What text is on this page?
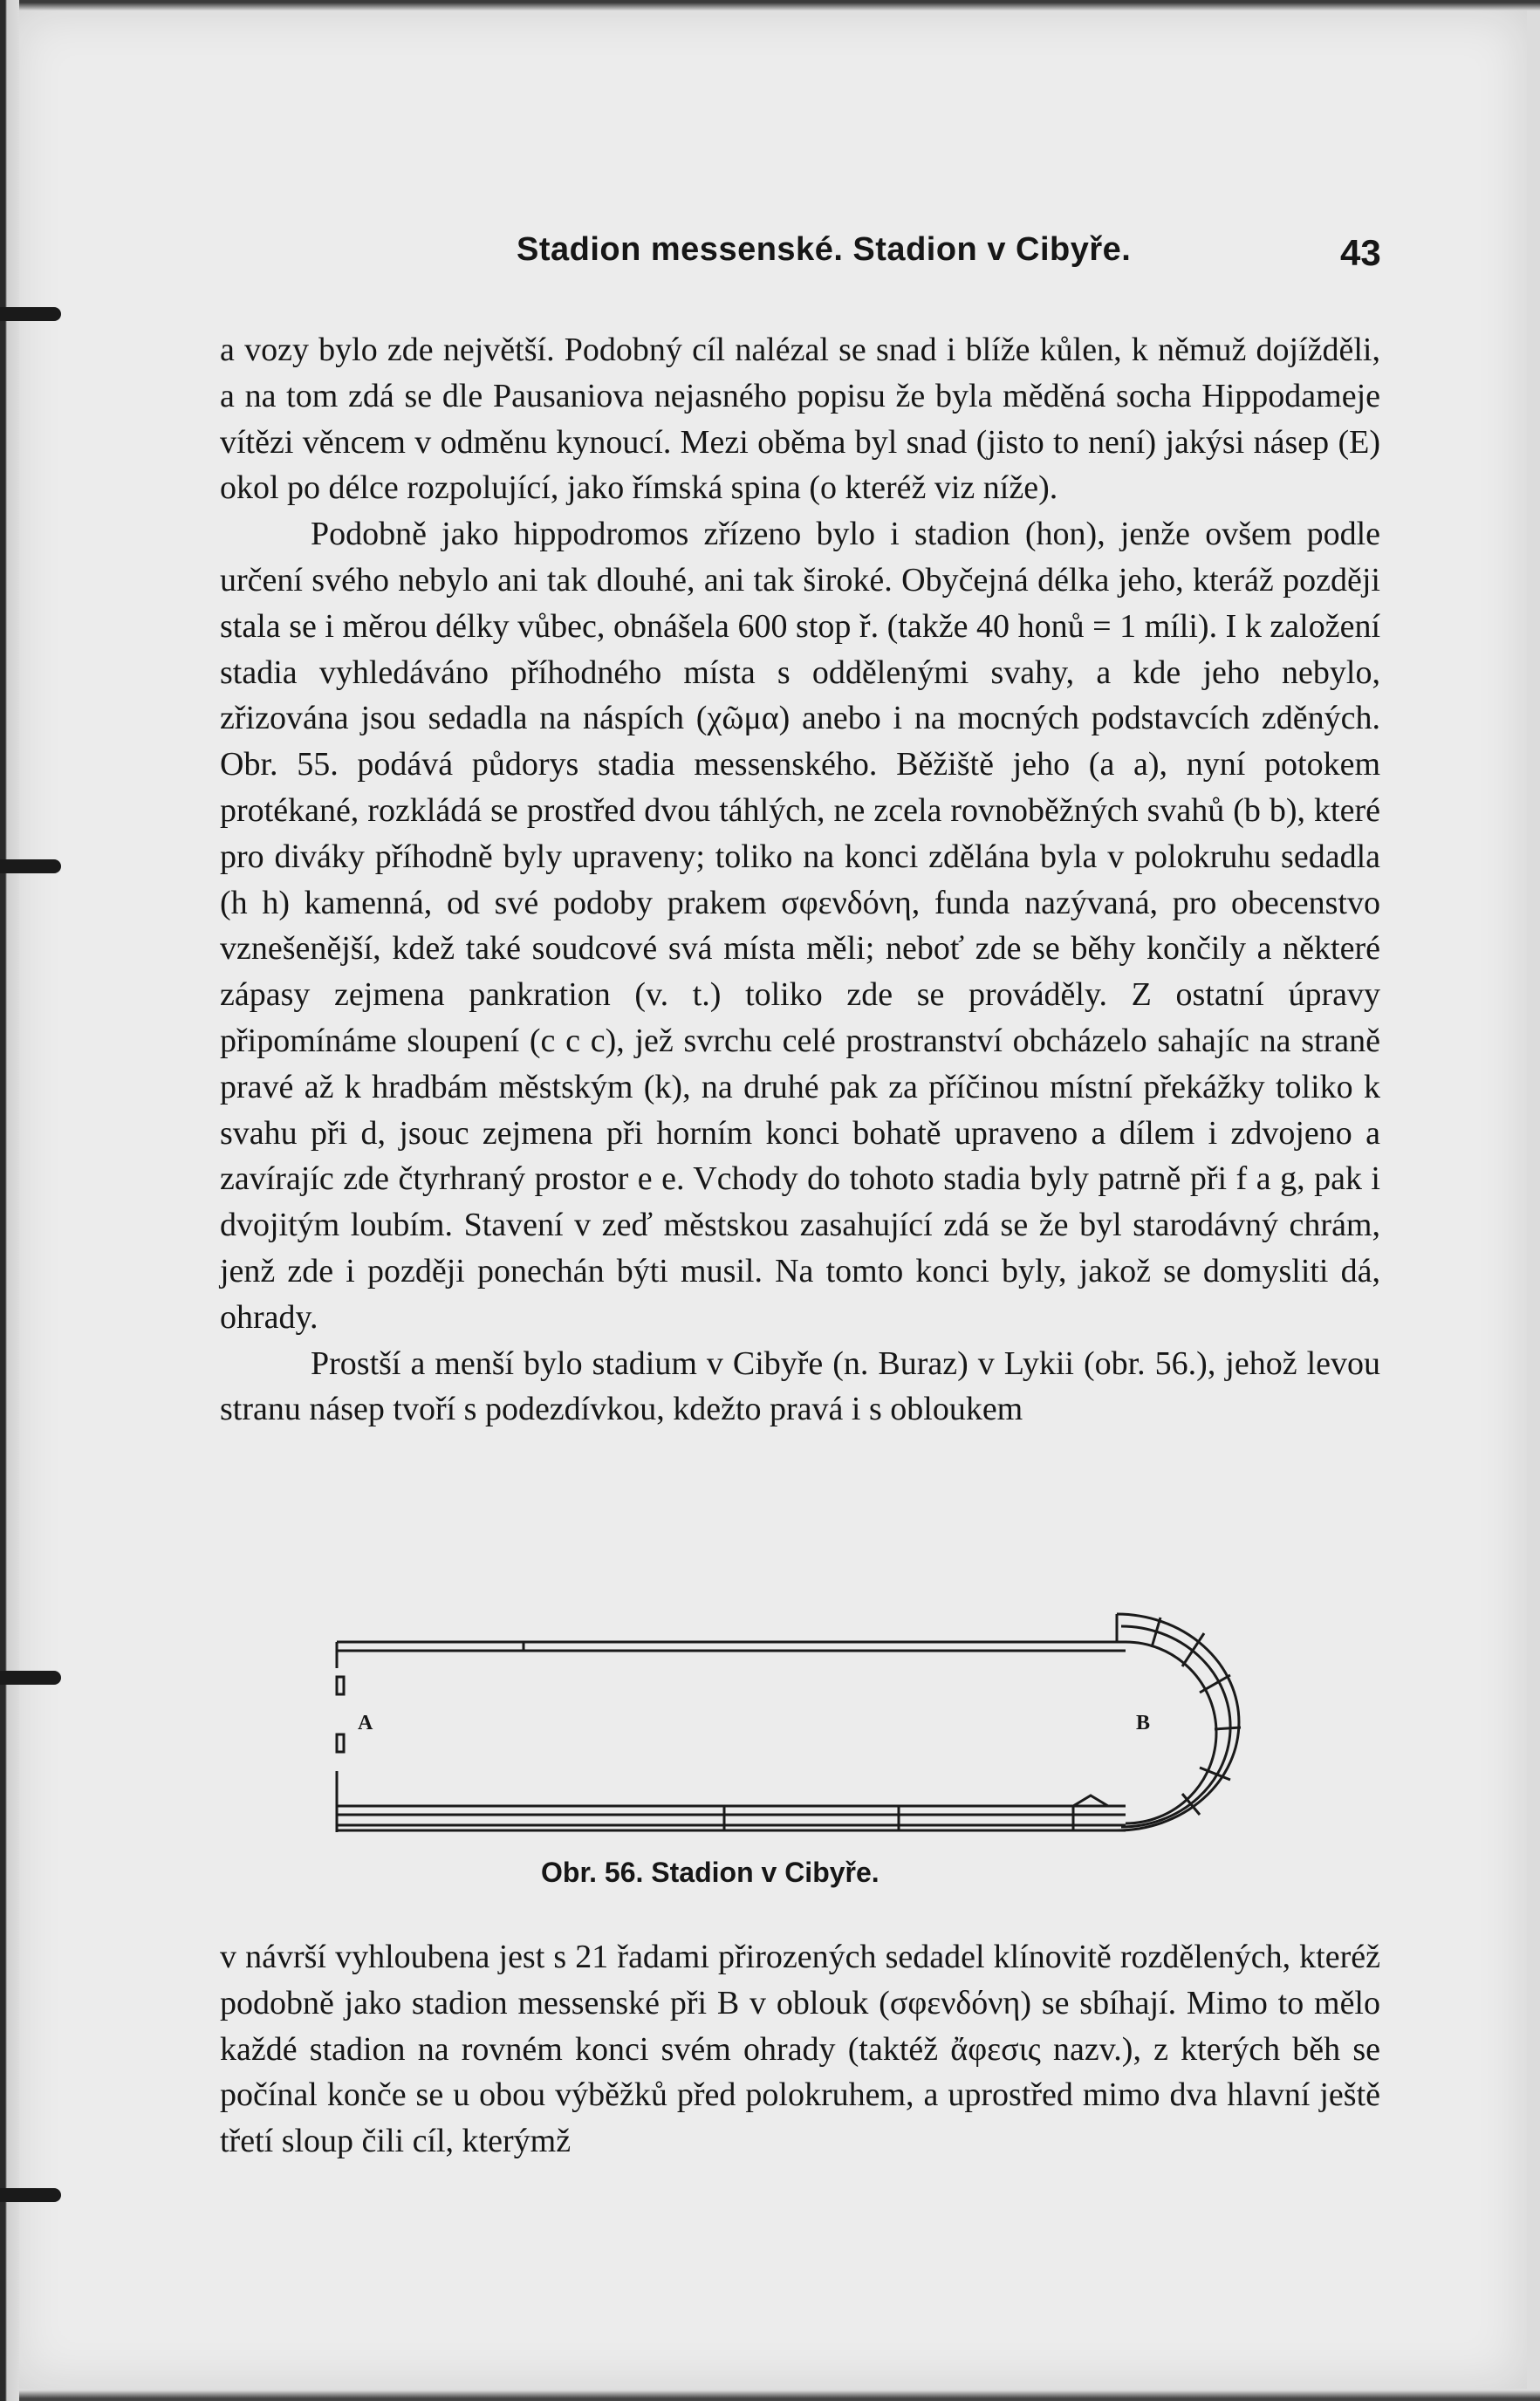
Stadion messenské. Stadion v Cibyře.	43

a vozy bylo zde největší. Podobný cíl nalézal se snad i blíže kůlen, k němuž dojížděli, a na tom zdá se dle Pausaniova nejasného popisu že byla měděná socha Hippodameje vítězi věncem v odměnu kynoucí. Mezi oběma byl snad (jisto to není) jakýsi násep (E) okol po délce rozpolující, jako římská spina (o kteréž viz níže).

Podobně jako hippodromos zřízeno bylo i stadion (hon), jenže ovšem podle určení svého nebylo ani tak dlouhé, ani tak široké. Obyčejná délka jeho, kteráž později stala se i měrou délky vůbec, obnášela 600 stop ř. (takže 40 honů = 1 míli). I k založení stadia vyhledáváno příhodného místa s oddělenými svahy, a kde jeho nebylo, zřizována jsou sedadla na náspích (χῶμα) anebo i na mocných podstavcích zděných. Obr. 55. podává půdorys stadia messenského. Běžiště jeho (a a), nyní potokem protékané, rozkládá se prostřed dvou táhlých, ne zcela rovnoběžných svahů (b b), které pro diváky příhodně byly upraveny; toliko na konci zdělána byla v polokruhu sedadla (h h) kamenná, od své podoby prakem σφενδόνη, funda nazývaná, pro obecenstvo vznešenější, kdež také soudcové svá místa měli; neboť zde se běhy končily a některé zápasy zejmena pankration (v. t.) toliko zde se prováděly. Z ostatní úpravy připomínáme sloupení (c c c), jež svrchu celé prostranství obcházelo sahajíc na straně pravé až k hradbám městským (k), na druhé pak za příčinou místní překážky toliko k svahu při d, jsouc zejmena při horním konci bohatě upraveno a dílem i zdvojeno a zavírajíc zde čtyrhraný prostor e e. Vchody do tohoto stadia byly patrně při f a g, pak i dvojitým loubím. Stavení v zeď městskou zasahující zdá se že byl starodávný chrám, jenž zde i později ponechán býti musil. Na tomto konci byly, jakož se domysliti dá, ohrady.

Prostší a menší bylo stadium v Cibyře (n. Buraz) v Lykii (obr. 56.), jehož levou stranu násep tvoří s podezdívkou, kdežto pravá i s obloukem

A	B
Obr. 56. Stadion v Cibyře.

v návrší vyhloubena jest s 21 řadami přirozených sedadel klínovitě rozdělených, kteréž podobně jako stadion messenské při B v oblouk (σφενδόνη) se sbíhají. Mimo to mělo každé stadion na rovném konci svém ohrady (taktéž ἄφεσις nazv.), z kterých běh se počínal konče se u obou výběžků před polokruhem, a uprostřed mimo dva hlavní ještě třetí sloup čili cíl, kterýmž
